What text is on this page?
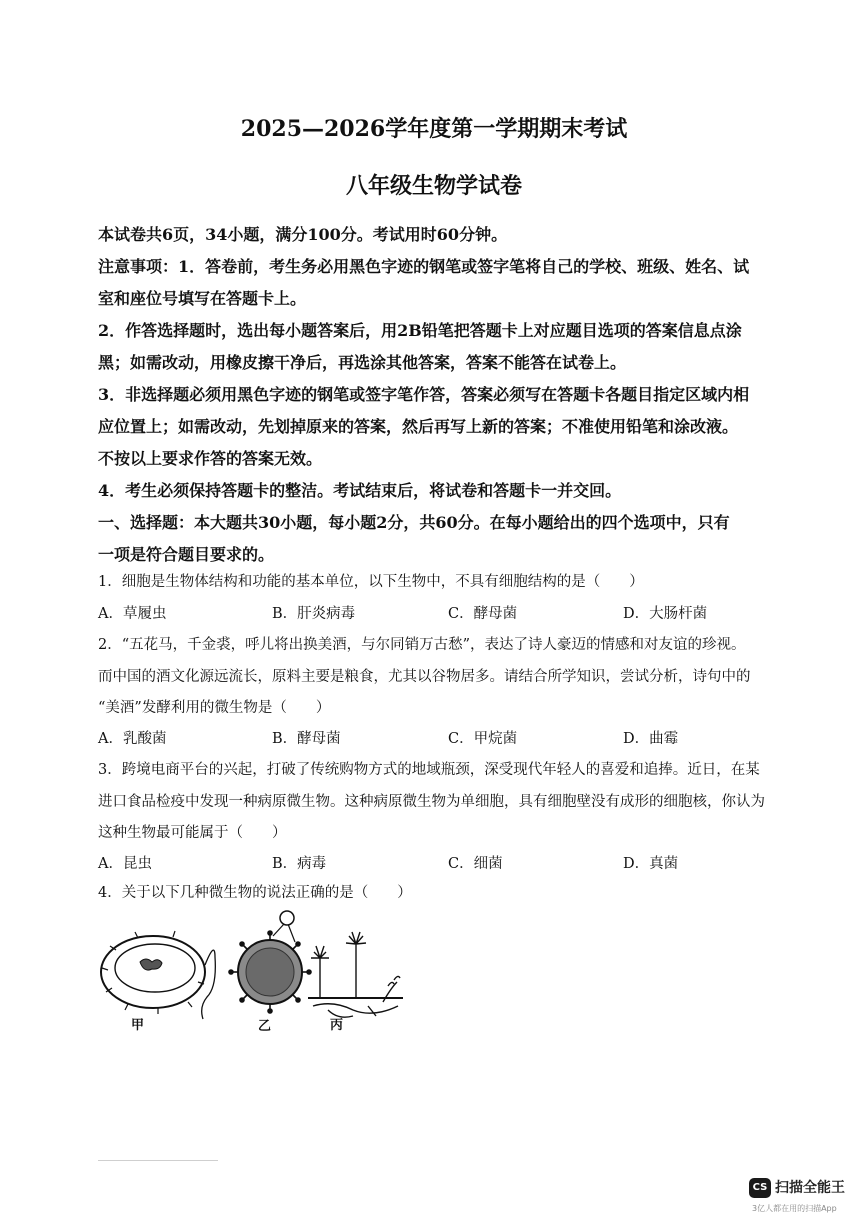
2025—2026学年度第一学期期末考试
八年级生物学试卷
本试卷共6页，34小题，满分100分。考试用时60分钟。
注意事项：1．答卷前，考生务必用黑色字迹的钢笔或签字笔将自己的学校、班级、姓名、试
室和座位号填写在答题卡上。
2．作答选择题时，选出每小题答案后，用2B铅笔把答题卡上对应题目选项的答案信息点涂
黑；如需改动，用橡皮擦干净后，再选涂其他答案，答案不能答在试卷上。
3．非选择题必须用黑色字迹的钢笔或签字笔作答，答案必须写在答题卡各题目指定区域内相
应位置上；如需改动，先划掉原来的答案，然后再写上新的答案；不准使用铅笔和涂改液。
不按以上要求作答的答案无效。
4．考生必须保持答题卡的整洁。考试结束后，将试卷和答题卡一并交回。
一、选择题：本大题共30小题，每小题2分，共60分。在每小题给出的四个选项中，只有
一项是符合题目要求的。
1．细胞是生物体结构和功能的基本单位，以下生物中，不具有细胞结构的是（　　）
A．草履虫	B．肝炎病毒	C．酵母菌	D．大肠杆菌
2．“五花马，千金裘，呼儿将出换美酒，与尔同销万古愁”，表达了诗人豪迈的情感和对友谊的珍视。
而中国的酒文化源远流长，原料主要是粮食，尤其以谷物居多。请结合所学知识，尝试分析，诗句中的
“美酒”发酵利用的微生物是（　　）
A．乳酸菌	B．酵母菌	C．甲烷菌	D．曲霉
3．跨境电商平台的兴起，打破了传统购物方式的地域瓶颈，深受现代年轻人的喜爱和追捧。近日，在某
进口食品检疫中发现一种病原微生物。这种病原微生物为单细胞，具有细胞壁没有成形的细胞核，你认为
这种生物最可能属于（　　）
A．昆虫	B．病毒	C．细菌	D．真菌
4．关于以下几种微生物的说法正确的是（　　）
甲	乙	丙
CS 扫描全能王
3亿人都在用的扫描App
